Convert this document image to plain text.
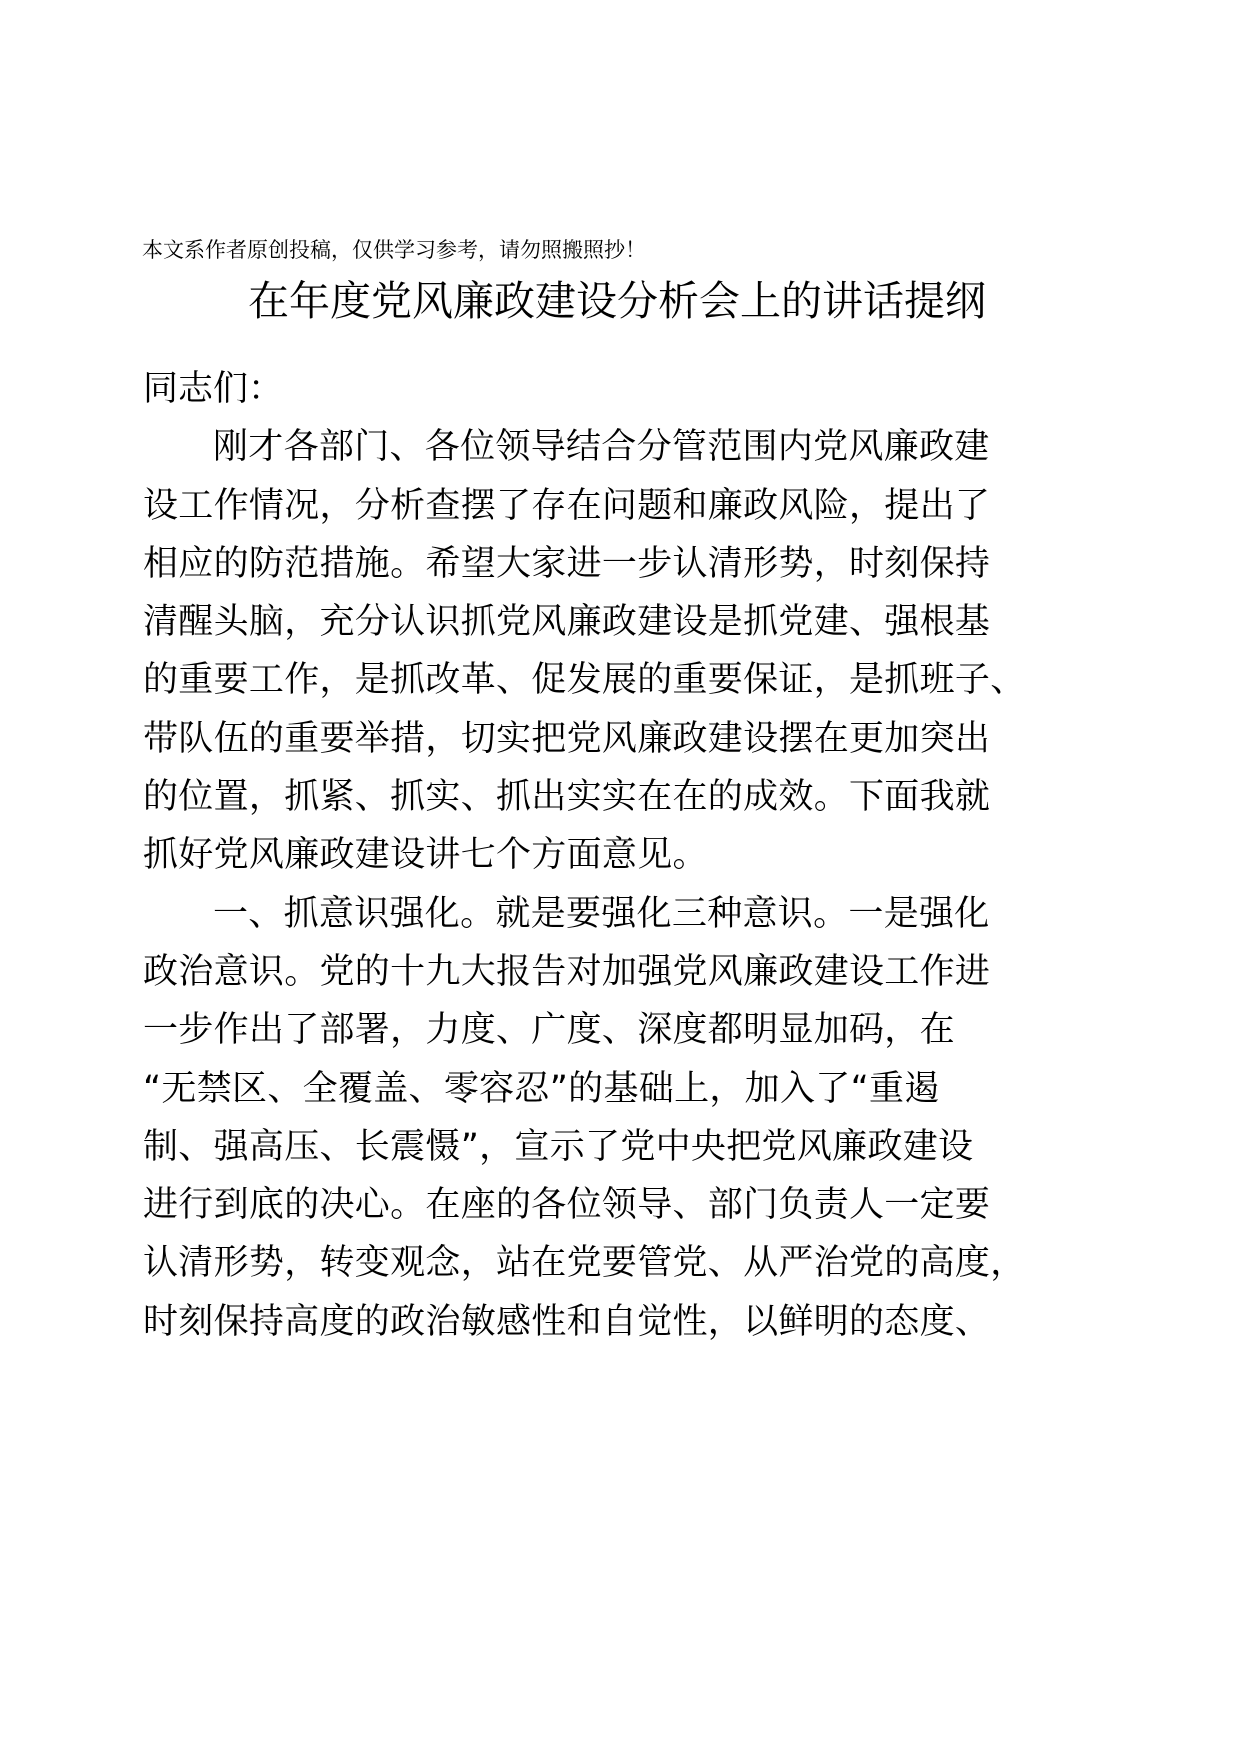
本文系作者原创投稿，仅供学习参考，请勿照搬照抄！
在年度党风廉政建设分析会上的讲话提纲
同志们：
刚才各部门、各位领导结合分管范围内党风廉政建
设工作情况，分析查摆了存在问题和廉政风险，提出了
相应的防范措施。希望大家进一步认清形势，时刻保持
清醒头脑，充分认识抓党风廉政建设是抓党建、强根基
的重要工作，是抓改革、促发展的重要保证，是抓班子、
带队伍的重要举措，切实把党风廉政建设摆在更加突出
的位置，抓紧、抓实、抓出实实在在的成效。下面我就
抓好党风廉政建设讲七个方面意见。
一、抓意识强化。就是要强化三种意识。一是强化
政治意识。党的十九大报告对加强党风廉政建设工作进
一步作出了部署，力度、广度、深度都明显加码，在
“无禁区、全覆盖、零容忍”的基础上，加入了“重遏
制、强高压、长震慑”，宣示了党中央把党风廉政建设
进行到底的决心。在座的各位领导、部门负责人一定要
认清形势，转变观念，站在党要管党、从严治党的高度，
时刻保持高度的政治敏感性和自觉性，以鲜明的态度、
